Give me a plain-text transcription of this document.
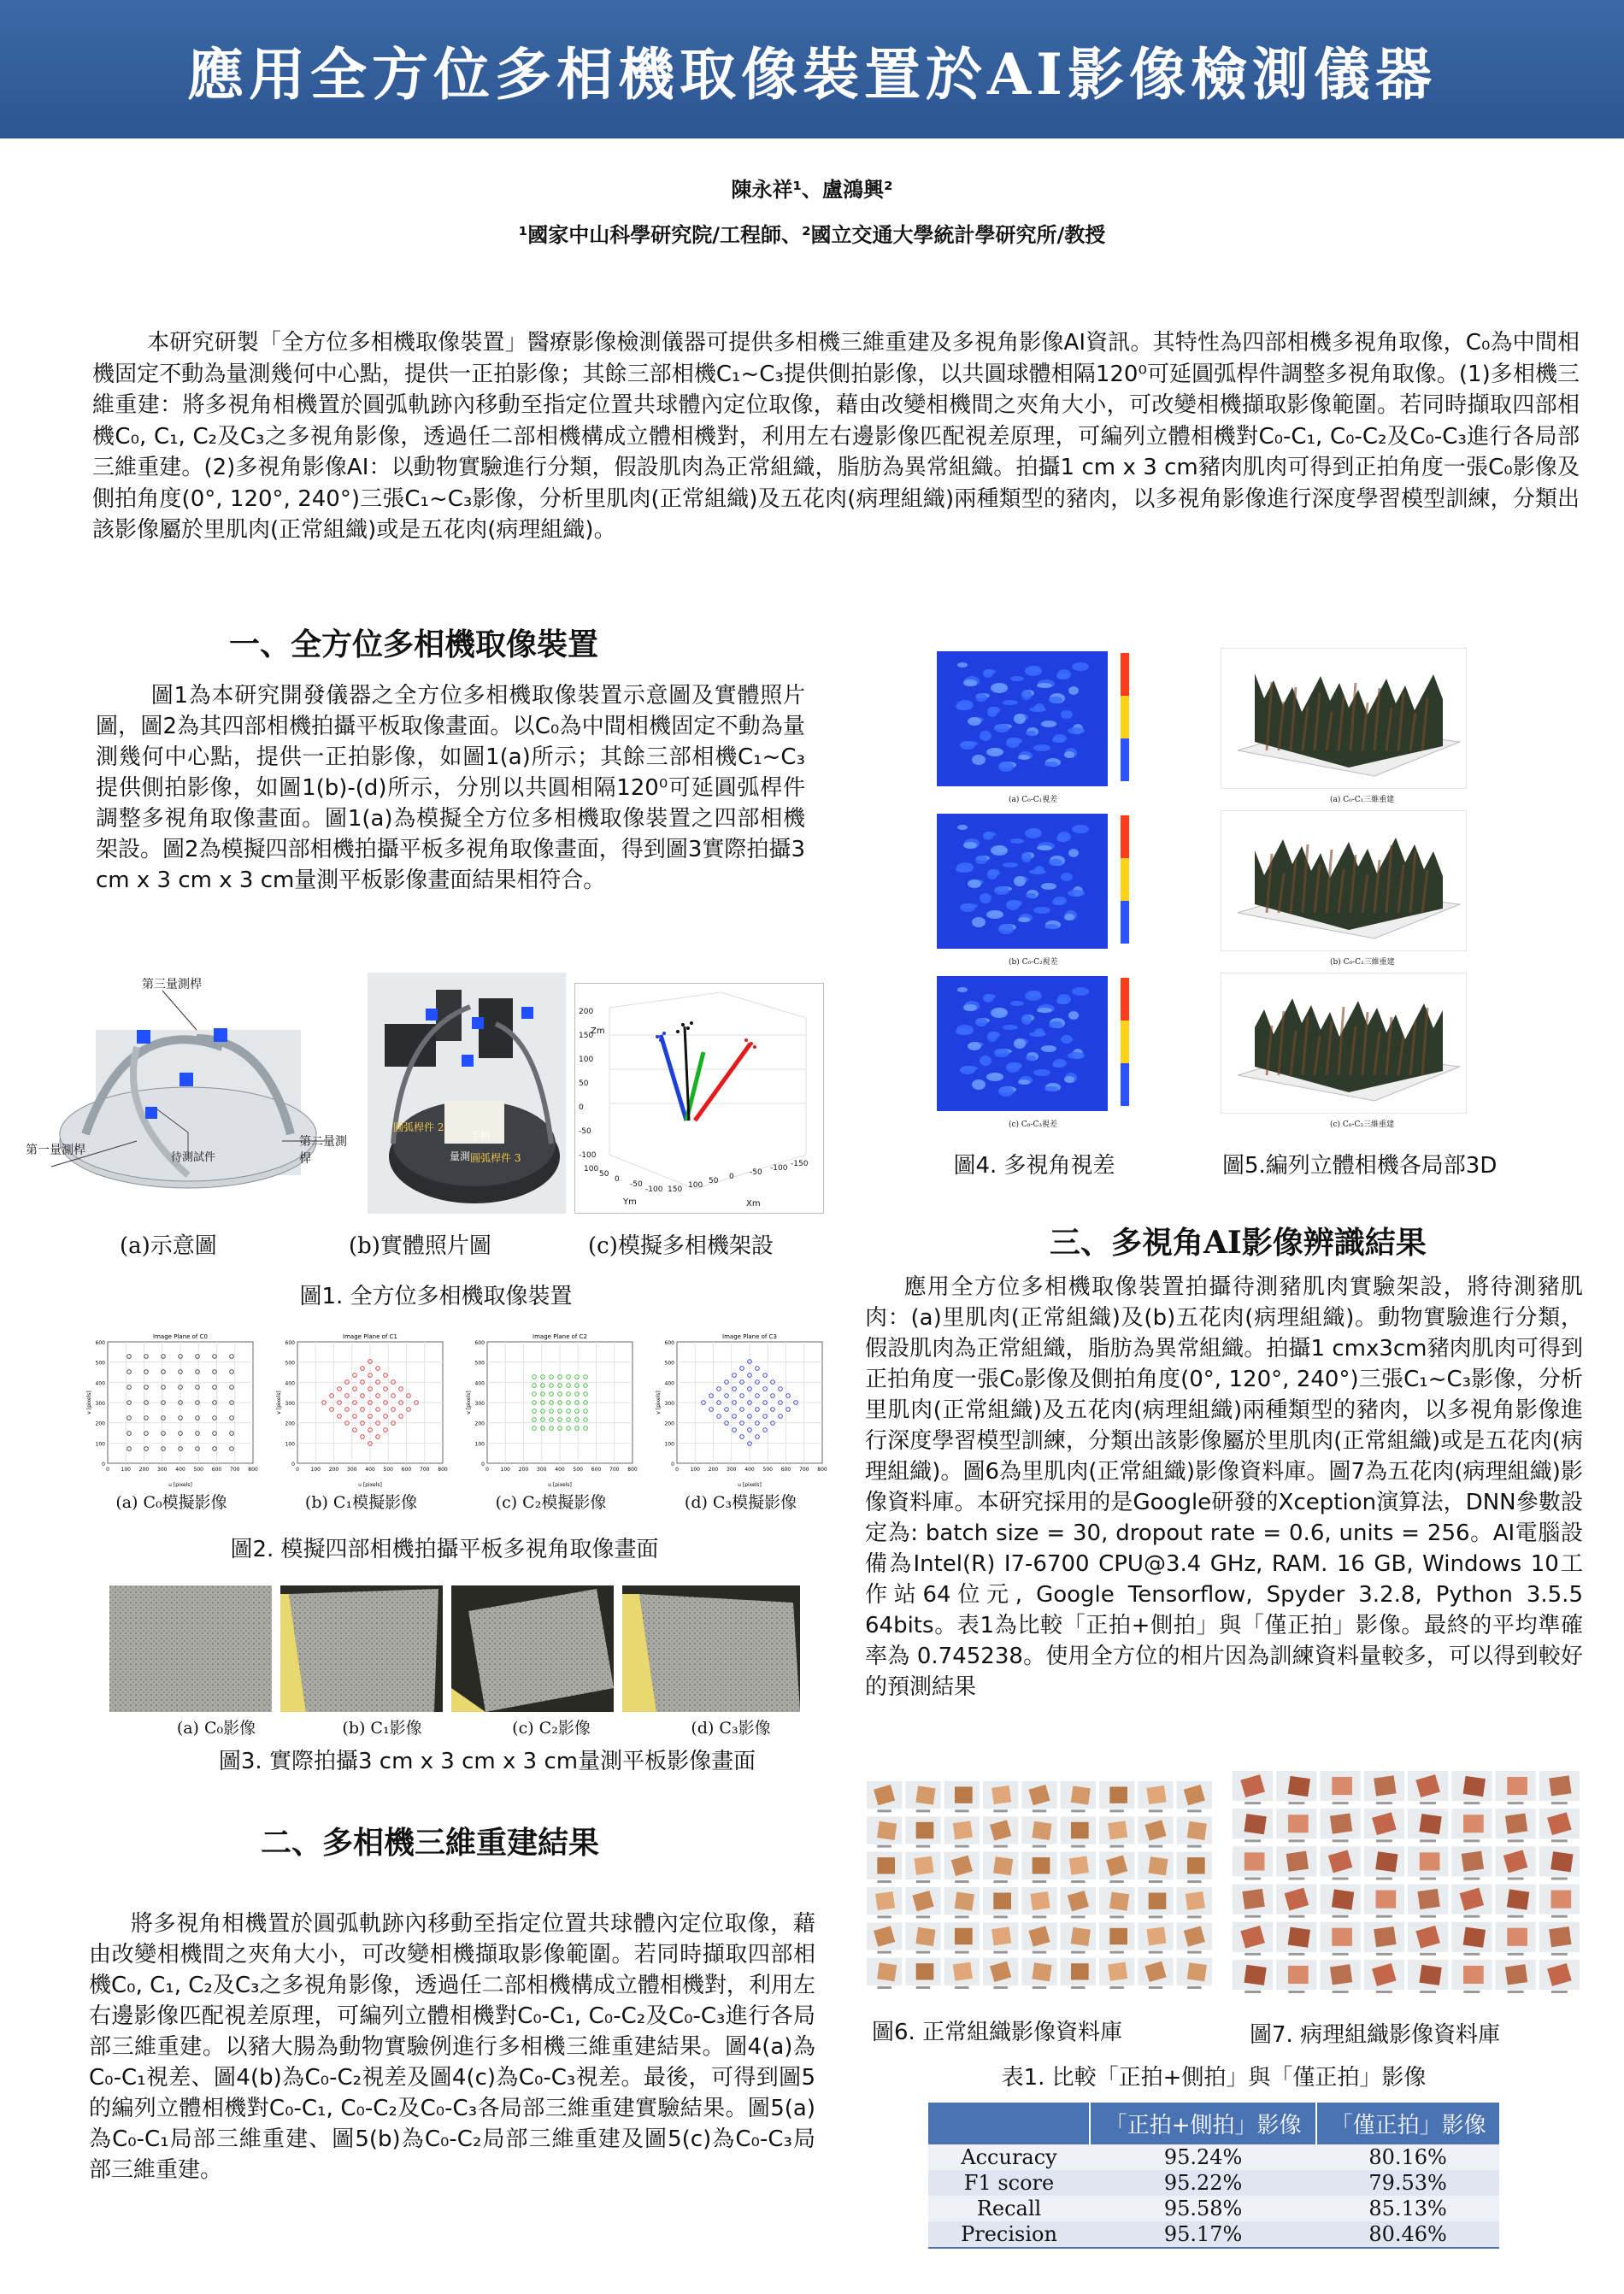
應用全方位多相機取像裝置於AI影像檢測儀器
陳永祥¹、盧鴻興²
¹國家中山科學研究院/工程師、²國立交通大學統計學研究所/教授
本研究研製「全方位多相機取像裝置」醫療影像檢測儀器可提供多相機三維重建及多視角影像AI資訊。其特性為四部相機多視角取像，C₀為中間相機固定不動為量測幾何中心點，提供一正拍影像；其餘三部相機C₁~C₃提供側拍影像，以共圓球體相隔120⁰可延圓弧桿件調整多視角取像。(1)多相機三維重建：將多視角相機置於圓弧軌跡內移動至指定位置共球體內定位取像，藉由改變相機間之夾角大小，可改變相機擷取影像範圍。若同時擷取四部相機C₀, C₁, C₂及C₃之多視角影像，透過任二部相機構成立體相機對，利用左右邊影像匹配視差原理，可編列立體相機對C₀-C₁, C₀-C₂及C₀-C₃進行各局部三維重建。(2)多視角影像AI：以動物實驗進行分類，假設肌肉為正常組織，脂肪為異常組織。拍攝1 cm x 3 cm豬肉肌肉可得到正拍角度一張C₀影像及側拍角度(0°, 120°, 240°)三張C₁~C₃影像，分析里肌肉(正常組織)及五花肉(病理組織)兩種類型的豬肉，以多視角影像進行深度學習模型訓練，分類出該影像屬於里肌肉(正常組織)或是五花肉(病理組織)。
一、全方位多相機取像裝置
圖1為本研究開發儀器之全方位多相機取像裝置示意圖及實體照片圖，圖2為其四部相機拍攝平板取像畫面。以C₀為中間相機固定不動為量測幾何中心點，提供一正拍影像，如圖1(a)所示；其餘三部相機C₁~C₃提供側拍影像，如圖1(b)-(d)所示，分別以共圓相隔120⁰可延圓弧桿件調整多視角取像畫面。圖1(a)為模擬全方位多相機取像裝置之四部相機架設。圖2為模擬四部相機拍攝平板多視角取像畫面，得到圖3實際拍攝3 cm x 3 cm x 3 cm量測平板影像畫面結果相符合。
第三量測桿
第一量測桿
第二量測桿
待測試件
圓弧桿件 2
手柄
圓弧桿件 3
量測
Zm
Ym	Xm
200
150
100
50
0
-50
-100
100
50
0
-50
-100 150 100 50 0 -50 -100 -150
(a)示意圖	(b)實體照片圖	(c)模擬多相機架設
圖1. 全方位多相機取像裝置
Image Plane of C0
600
500
400
300
200
100
0
0 100 200 300 400 500 600 700 800
u [pixels]
v [pixels]
Image Plane of C1
600
500
400
300
200
100
0
0 100 200 300 400 500 600 700 800
u [pixels]
v [pixels]
Image Plane of C2
600
500
400
300
200
100
0
0 100 200 300 400 500 600 700 800
u [pixels]
v [pixels]
Image Plane of C3
600
500
400
300
200
100
0
0 100 200 300 400 500 600 700 800
u [pixels]
v [pixels]
(a) C₀模擬影像	(b) C₁模擬影像	(c) C₂模擬影像	(d) C₃模擬影像
圖2. 模擬四部相機拍攝平板多視角取像畫面
(a) C₀影像	(b) C₁影像	(c) C₂影像	(d) C₃影像
圖3. 實際拍攝3 cm x 3 cm x 3 cm量測平板影像畫面
二、多相機三維重建結果
將多視角相機置於圓弧軌跡內移動至指定位置共球體內定位取像，藉由改變相機間之夾角大小，可改變相機擷取影像範圍。若同時擷取四部相機C₀, C₁, C₂及C₃之多視角影像，透過任二部相機構成立體相機對，利用左右邊影像匹配視差原理，可編列立體相機對C₀-C₁, C₀-C₂及C₀-C₃進行各局部三維重建。以豬大腸為動物實驗例進行多相機三維重建結果。圖4(a)為C₀-C₁視差、圖4(b)為C₀-C₂視差及圖4(c)為C₀-C₃視差。最後，可得到圖5的編列立體相機對C₀-C₁, C₀-C₂及C₀-C₃各局部三維重建實驗結果。圖5(a)為C₀-C₁局部三維重建、圖5(b)為C₀-C₂局部三維重建及圖5(c)為C₀-C₃局部三維重建。
(a) C₀-C₁視差
(b) C₀-C₂視差
(c) C₀-C₃視差
圖4. 多視角視差
(a) C₀-C₁三維重建
(b) C₀-C₂三維重建
(c) C₀-C₃三維重建
圖5.編列立體相機各局部3D
三、多視角AI影像辨識結果
應用全方位多相機取像裝置拍攝待測豬肌肉實驗架設，將待測豬肌肉：(a)里肌肉(正常組織)及(b)五花肉(病理組織)。動物實驗進行分類，假設肌肉為正常組織，脂肪為異常組織。拍攝1 cmx3cm豬肉肌肉可得到正拍角度一張C₀影像及側拍角度(0°, 120°, 240°)三張C₁~C₃影像，分析里肌肉(正常組織)及五花肉(病理組織)兩種類型的豬肉，以多視角影像進行深度學習模型訓練，分類出該影像屬於里肌肉(正常組織)或是五花肉(病理組織)。圖6為里肌肉(正常組織)影像資料庫。圖7為五花肉(病理組織)影像資料庫。本研究採用的是Google研發的Xception演算法，DNN參數設定為: batch size = 30, dropout rate = 0.6, units = 256。AI電腦設備為Intel(R) I7-6700 CPU@3.4 GHz, RAM. 16 GB, Windows 10工作站64位元, Google Tensorflow, Spyder 3.2.8, Python 3.5.5 64bits。表1為比較「正拍+側拍」與「僅正拍」影像。最終的平均準確率為 0.745238。使用全方位的相片因為訓練資料量較多，可以得到較好的預測結果
圖6. 正常組織影像資料庫	圖7. 病理組織影像資料庫
表1. 比較「正拍+側拍」與「僅正拍」影像
	「正拍+側拍」影像	「僅正拍」影像
Accuracy	95.24%	80.16%
F1 score	95.22%	79.53%
Recall	95.58%	85.13%
Precision	95.17%	80.46%
